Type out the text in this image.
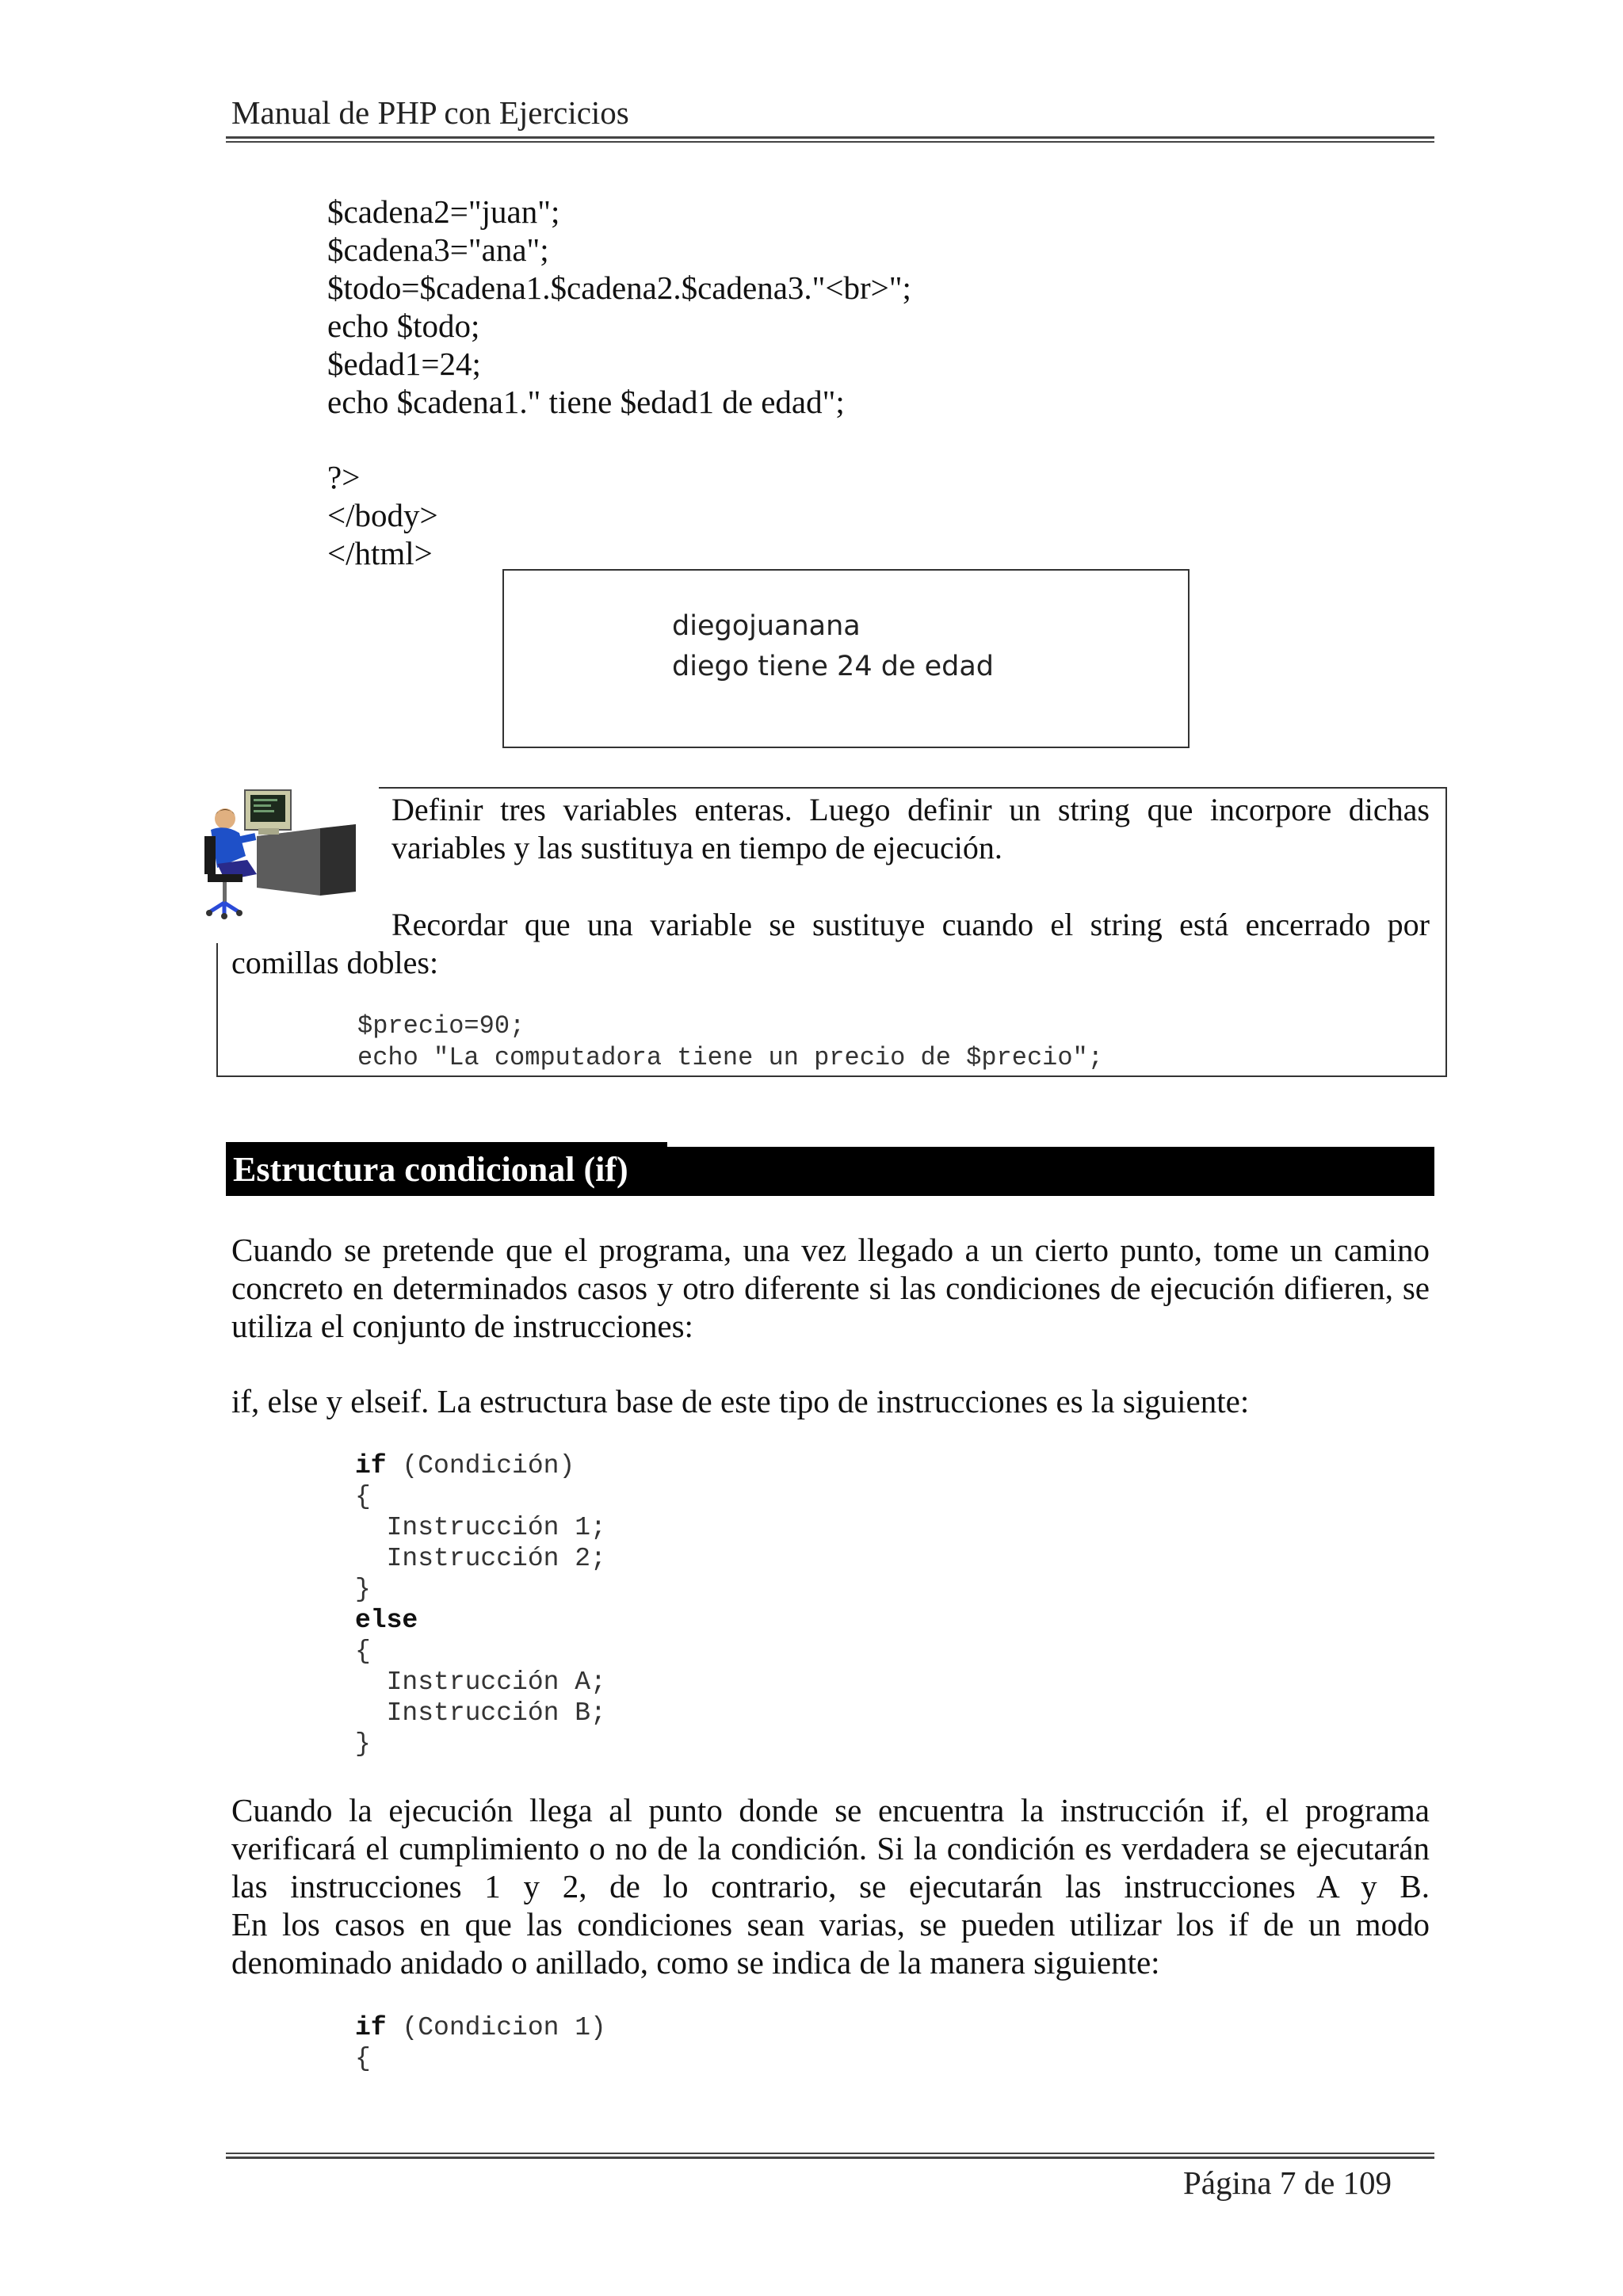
Manual de PHP con Ejercicios
$cadena2="juan";
$cadena3="ana";
$todo=$cadena1.$cadena2.$cadena3."<br>";
echo $todo;
$edad1=24;
echo $cadena1." tiene $edad1 de edad";
?>
</body>
</html>
diegojuanana
diego tiene 24 de edad
Definir tres variables enteras. Luego definir un string que incorpore dichas variables y las sustituya en tiempo de ejecución.
Recordar que una variable se sustituye cuando el string está encerrado por
comillas dobles:
$precio=90;
echo "La computadora tiene un precio de $precio";
Estructura condicional (if)
Cuando se pretende que el programa, una vez llegado a un cierto punto, tome un camino
concreto en determinados casos y otro diferente si las condiciones de ejecución difieren, se
utiliza el conjunto de instrucciones:
if, else y elseif. La estructura base de este tipo de instrucciones es la siguiente:
if (Condición)
{
Instrucción 1;
Instrucción 2;
}
else
{
Instrucción A;
Instrucción B;
}
Cuando la ejecución llega al punto donde se encuentra la instrucción if, el programa
verificará el cumplimiento o no de la condición. Si la condición es verdadera se ejecutarán
las instrucciones 1 y 2, de lo contrario, se ejecutarán las instrucciones A y B.
En los casos en que las condiciones sean varias, se pueden utilizar los if de un modo
denominado anidado o anillado, como se indica de la manera siguiente:
if (Condicion 1)
{
Página 7 de 109
